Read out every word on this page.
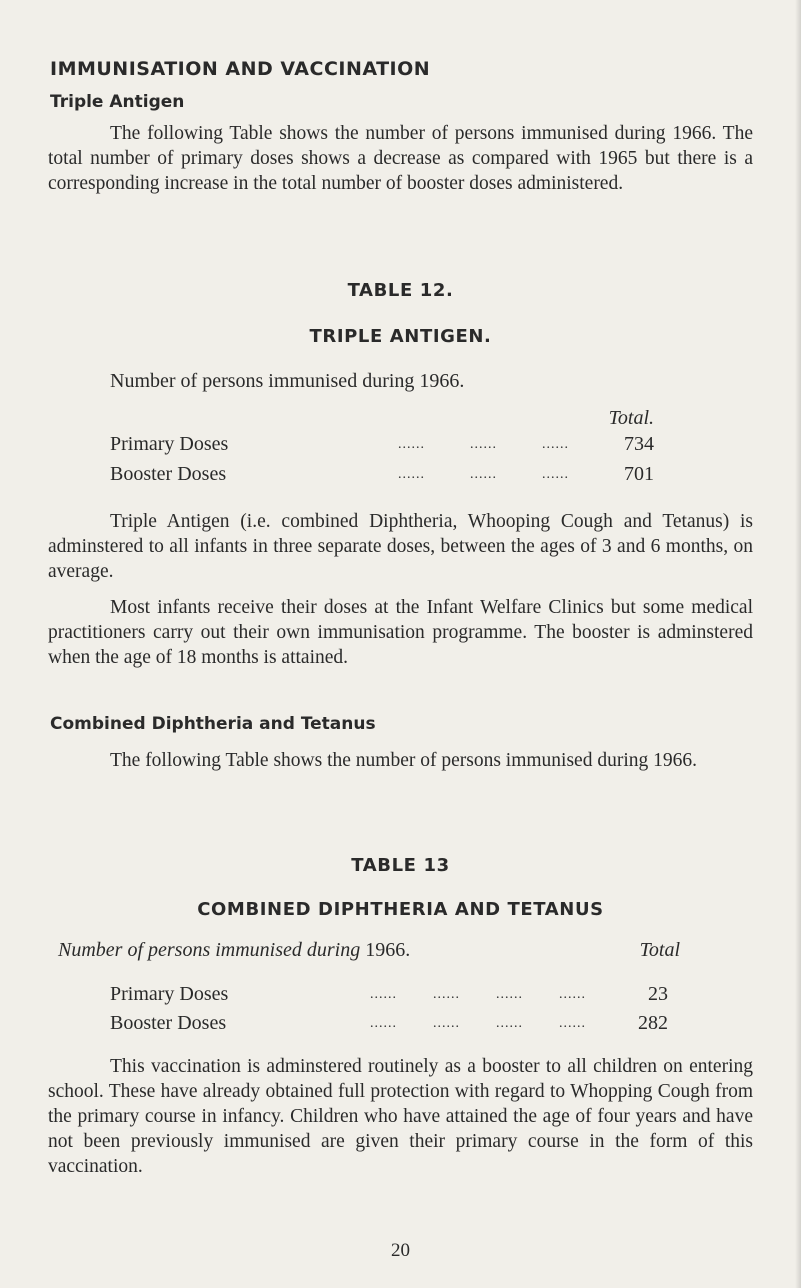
IMMUNISATION AND VACCINATION
Triple Antigen

The following Table shows the number of persons immunised during 1966. The total number of primary doses shows a decrease as compared with 1965 but there is a corresponding increase in the total number of booster doses administered.

TABLE 12.
TRIPLE ANTIGEN.
Number of persons immunised during 1966.
Total.
Primary Doses	......          ......          ......	734
Booster Doses	......          ......          ......	701

Triple Antigen (i.e. combined Diphtheria, Whooping Cough and Tetanus) is adminstered to all infants in three separate doses, between the ages of 3 and 6 months, on average.

Most infants receive their doses at the Infant Welfare Clinics but some medical practitioners carry out their own immunisation programme. The booster is adminstered when the age of 18 months is attained.

Combined Diphtheria and Tetanus

The following Table shows the number of persons immunised during 1966.

TABLE 13
COMBINED DIPHTHERIA AND TETANUS
Number of persons immunised during 1966.	Total
Primary Doses	......        ......        ......        ......	23
Booster Doses	......        ......        ......        ......	282

This vaccination is adminstered routinely as a booster to all children on entering school. These have already obtained full protection with regard to Whopping Cough from the primary course in infancy. Children who have attained the age of four years and have not been previously immunised are given their primary course in the form of this vaccination.

20
